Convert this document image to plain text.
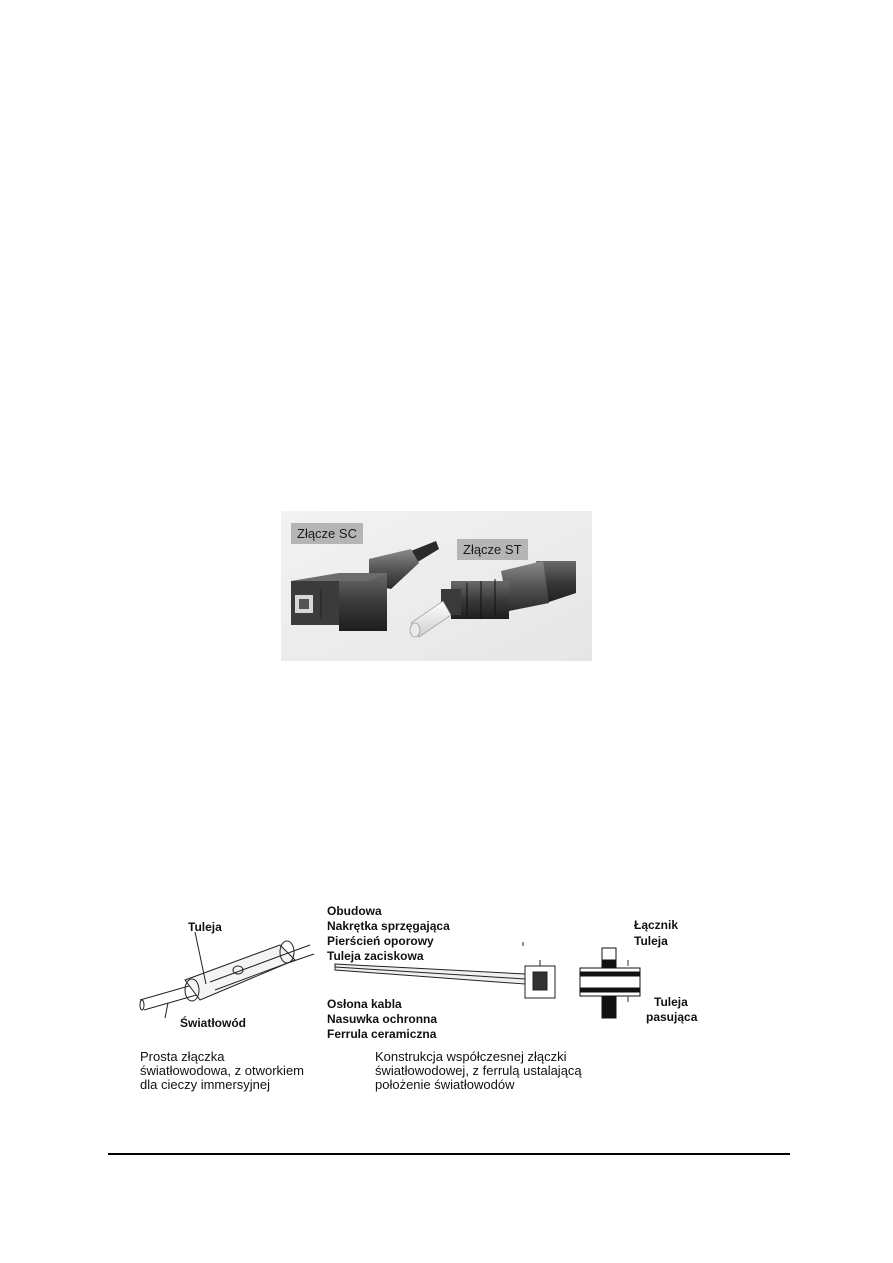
Złącze SC
Złącze ST
Tuleja
Światłowód
Obudowa
Nakrętka sprzęgająca
Pierścień oporowy
Tuleja zaciskowa
Osłona kabla
Nasuwka ochronna
Ferrula ceramiczna
Łącznik
Tuleja
Tuleja
pasująca
Prosta złączka
światłowodowa, z otworkiem
dla cieczy immersyjnej
Konstrukcja współczesnej złączki
światłowodowej, z ferrulą ustalającą
położenie światłowodów
